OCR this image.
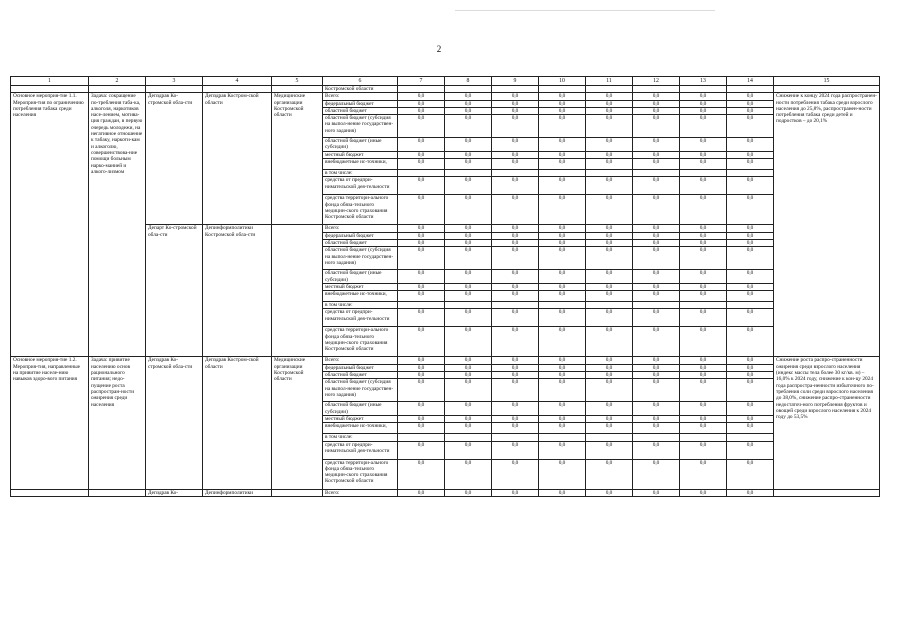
2
1	2	3	4	5	6	7	8	9	10	11	12	13	14	15
					Костромской области									
Основное мероприя-тие 1.1. Мероприя-тия по ограничению потребления табака среди населения	Задача: сокращение по-требления таба-ка, алкоголя, наркотиков насе-лением, мотива-ция граждан, в первую очередь молодежи, на негативное отношение к табаку, наркоти-кам и алкоголю, совершенствова-ние помощи больным нарко-манией и алкого-лизмом	Депздрав Ко-стромской обла-сти	Депздрав Костром-ской области	Медицинские организации Костромской области	Всего:	0,0	0,0	0,0	0,0	0,0	0,0	0,0	0,0	Снижение к концу 2024 года распространен-ности потребления табака среди взрослого населения до 25,8%, распространен-ности потребления табака среди детей и подростков – до 20,1%
					федеральный бюджет	0,0	0,0	0,0	0,0	0,0	0,0	0,0	0,0	
					областной бюджет	0,0	0,0	0,0	0,0	0,0	0,0	0,0	0,0	
					областной бюджет (субсидия на выпол-нение государствен-ного задания)	0,0	0,0	0,0	0,0	0,0	0,0	0,0	0,0	
					областной бюджет (иные субсидии)	0,0	0,0	0,0	0,0	0,0	0,0	0,0	0,0	
					местный бюджет	0,0	0,0	0,0	0,0	0,0	0,0	0,0	0,0	
					внебюджетные ис-точники,	0,0	0,0	0,0	0,0	0,0	0,0	0,0	0,0	
					в том числе:									
					средства от предпри-нимательской дея-тельности	0,0	0,0	0,0	0,0	0,0	0,0	0,0	0,0	
					средства территори-ального фонда обяза-тельного медицин-ского страхования Костромской области	0,0	0,0	0,0	0,0	0,0	0,0	0,0	0,0	
		Департ Ко-стромской обла-сти	Депинформполитики Костромской обла-сти		Всего:	0,0	0,0	0,0	0,0	0,0	0,0	0,0	0,0	
					федеральный бюджет	0,0	0,0	0,0	0,0	0,0	0,0	0,0	0,0	
					областной бюджет	0,0	0,0	0,0	0,0	0,0	0,0	0,0	0,0	
					областной бюджет (субсидия на выпол-нение государствен-ного задания)	0,0	0,0	0,0	0,0	0,0	0,0	0,0	0,0	
					областной бюджет (иные субсидии)	0,0	0,0	0,0	0,0	0,0	0,0	0,0	0,0	
					местный бюджет	0,0	0,0	0,0	0,0	0,0	0,0	0,0	0,0	
					внебюджетные ис-точники,	0,0	0,0	0,0	0,0	0,0	0,0	0,0	0,0	
					в том числе:									
					средства от предпри-нимательской дея-тельности	0,0	0,0	0,0	0,0	0,0	0,0	0,0	0,0	
					средства территори-ального фонда обяза-тельного медицин-ского страхования Костромской области	0,0	0,0	0,0	0,0	0,0	0,0	0,0	0,0	
Основное мероприя-тие 1.2. Мероприя-тия, направленные на привитие населе-нию навыков здоро-вого питания	Задача: привитие населению основ рационального питания; недо-пущение роста распростран-ности ожирения среди населения	Депздрав Ко-стромской обла-сти	Депздрав Костром-ской области	Медицинские организации Костромской области	Всего:	0,0	0,0	0,0	0,0	0,0	0,0	0,0	0,0	Снижение роста распро-страненности ожирения среди взрослого населения (индекс массы тела более 30 кг/кв. м) – 16,0% к 2024 году, снижение к кон-цу 2024 года распростра-ненности избыточного по-требления соли среди взрослого населения до 38,0%, снижение распро-страненности недостаточ-ного потребления фруктов и овощей среди взрослого населения к 2024 году до 53,5%
					федеральный бюджет	0,0	0,0	0,0	0,0	0,0	0,0	0,0	0,0	
					областной бюджет	0,0	0,0	0,0	0,0	0,0	0,0	0,0	0,0	
					областной бюджет (субсидия на выпол-нение государствен-ного задания)	0,0	0,0	0,0	0,0	0,0	0,0	0,0	0,0	
					областной бюджет (иные субсидии)	0,0	0,0	0,0	0,0	0,0	0,0	0,0	0,0	
					местный бюджет	0,0	0,0	0,0	0,0	0,0	0,0	0,0	0,0	
					внебюджетные ис-точники,	0,0	0,0	0,0	0,0	0,0	0,0	0,0	0,0	
					в том числе:									
					средства от предпри-нимательской дея-тельности	0,0	0,0	0,0	0,0	0,0	0,0	0,0	0,0	
					средства территори-ального фонда обяза-тельного медицин-ского страхования Костромской области	0,0	0,0	0,0	0,0	0,0	0,0	0,0	0,0	
		Депздрав Ко-	Депинформполитики		Всего:	0,0	0,0	0,0	0,0	0,0	0,0	0,0	0,0	
